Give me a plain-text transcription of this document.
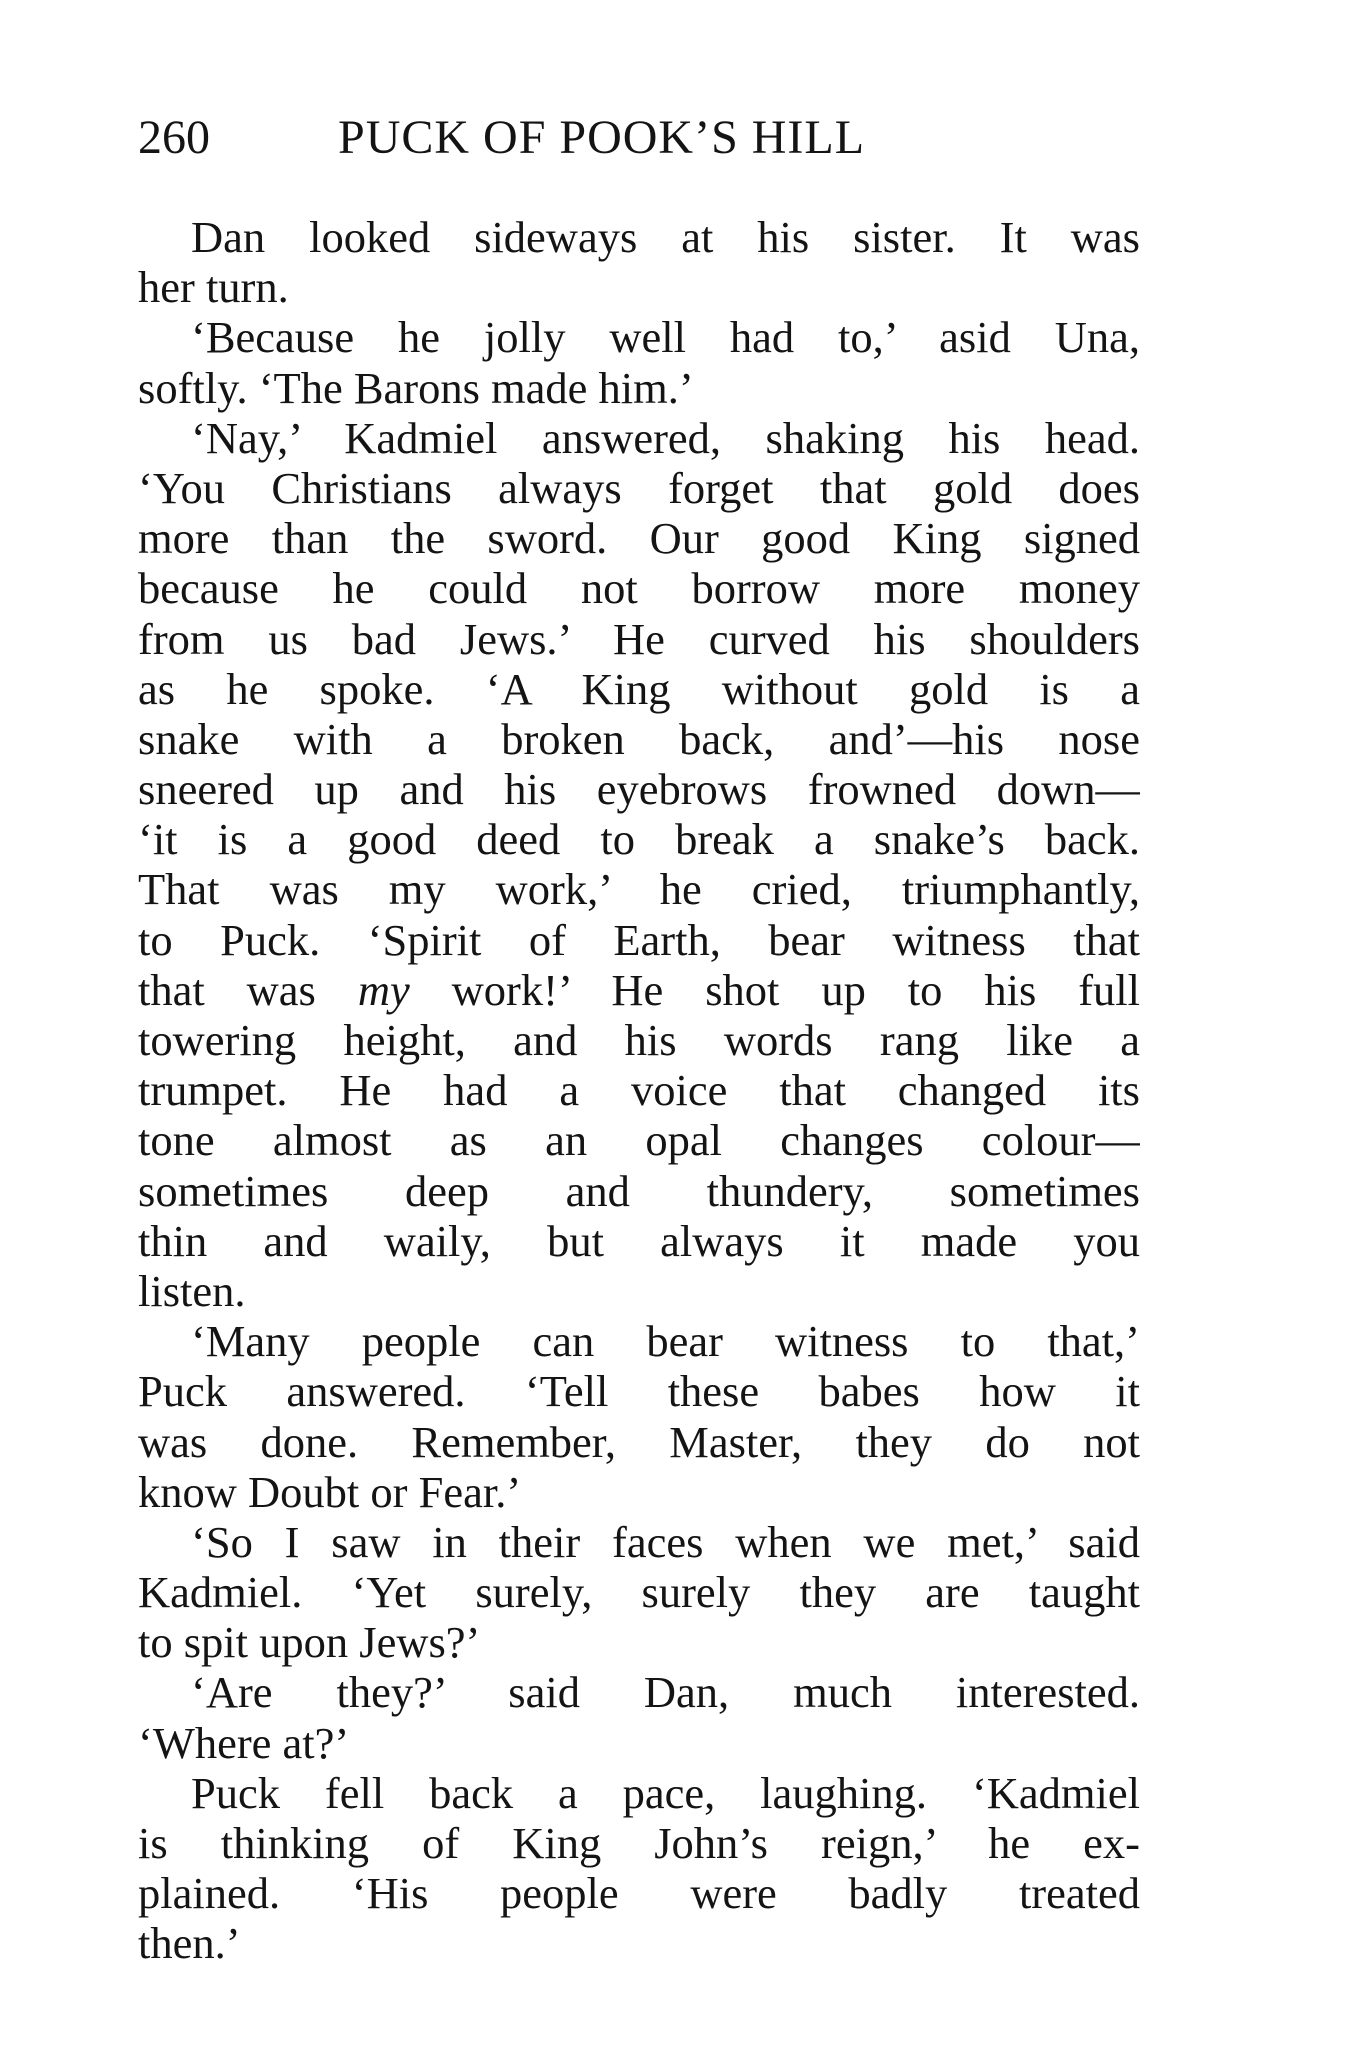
260	PUCK OF POOK’S HILL
Dan looked sideways at his sister. It was
her turn.
‘Because he jolly well had to,’ asid Una,
softly. ‘The Barons made him.’
‘Nay,’ Kadmiel answered, shaking his head.
‘You Christians always forget that gold does
more than the sword. Our good King signed
because he could not borrow more money
from us bad Jews.’ He curved his shoulders
as he spoke. ‘A King without gold is a
snake with a broken back, and’—his nose
sneered up and his eyebrows frowned down—
‘it is a good deed to break a snake’s back.
That was my work,’ he cried, triumphantly,
to Puck. ‘Spirit of Earth, bear witness that
that was my work!’ He shot up to his full
towering height, and his words rang like a
trumpet. He had a voice that changed its
tone almost as an opal changes colour—
sometimes deep and thundery, sometimes
thin and waily, but always it made you
listen.
‘Many people can bear witness to that,’
Puck answered. ‘Tell these babes how it
was done. Remember, Master, they do not
know Doubt or Fear.’
‘So I saw in their faces when we met,’ said
Kadmiel. ‘Yet surely, surely they are taught
to spit upon Jews?’
‘Are they?’ said Dan, much interested.
‘Where at?’
Puck fell back a pace, laughing. ‘Kadmiel
is thinking of King John’s reign,’ he ex-
plained. ‘His people were badly treated
then.’
